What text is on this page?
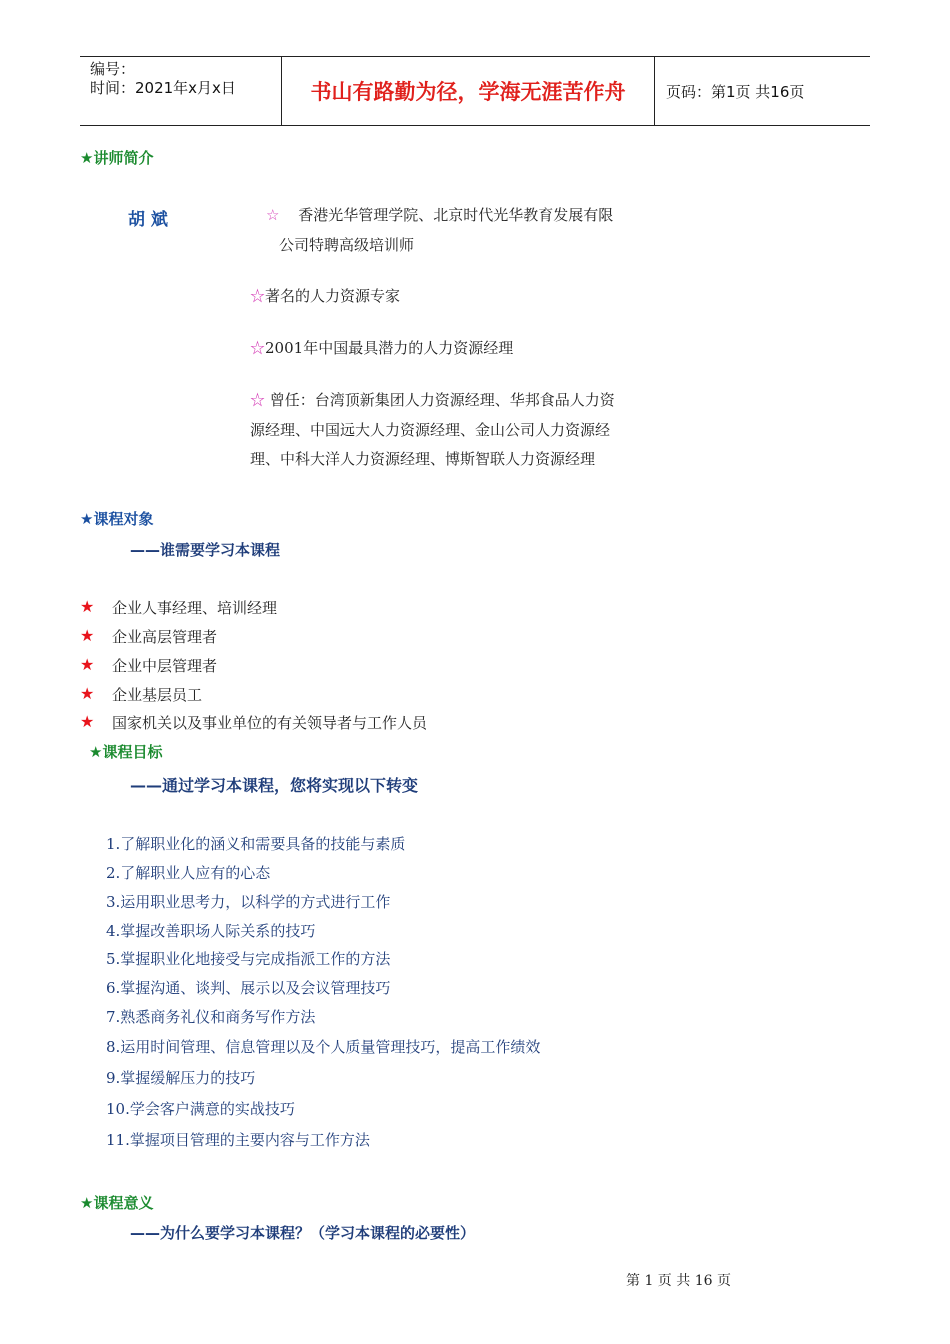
编号：
时间：2021年x月x日	书山有路勤为径，学海无涯苦作舟	页码：第1页 共16页
★讲师简介
胡 斌	☆ 香港光华管理学院、北京时代光华教育发展有限
公司特聘高级培训师
☆著名的人力资源专家
☆2001年中国最具潜力的人力资源经理
☆ 曾任：台湾顶新集团人力资源经理、华邦食品人力资
源经理、中国远大人力资源经理、金山公司人力资源经
理、中科大洋人力资源经理、博斯智联人力资源经理
★课程对象
——谁需要学习本课程
★ 企业人事经理、培训经理
★ 企业高层管理者
★ 企业中层管理者
★ 企业基层员工
★ 国家机关以及事业单位的有关领导者与工作人员
★课程目标
——通过学习本课程，您将实现以下转变
1.了解职业化的涵义和需要具备的技能与素质
2.了解职业人应有的心态
3.运用职业思考力，以科学的方式进行工作
4.掌握改善职场人际关系的技巧
5.掌握职业化地接受与完成指派工作的方法
6.掌握沟通、谈判、展示以及会议管理技巧
7.熟悉商务礼仪和商务写作方法
8.运用时间管理、信息管理以及个人质量管理技巧，提高工作绩效
9.掌握缓解压力的技巧
10.学会客户满意的实战技巧
11.掌握项目管理的主要内容与工作方法
★课程意义
——为什么要学习本课程？（学习本课程的必要性）
第 1 页 共 16 页
